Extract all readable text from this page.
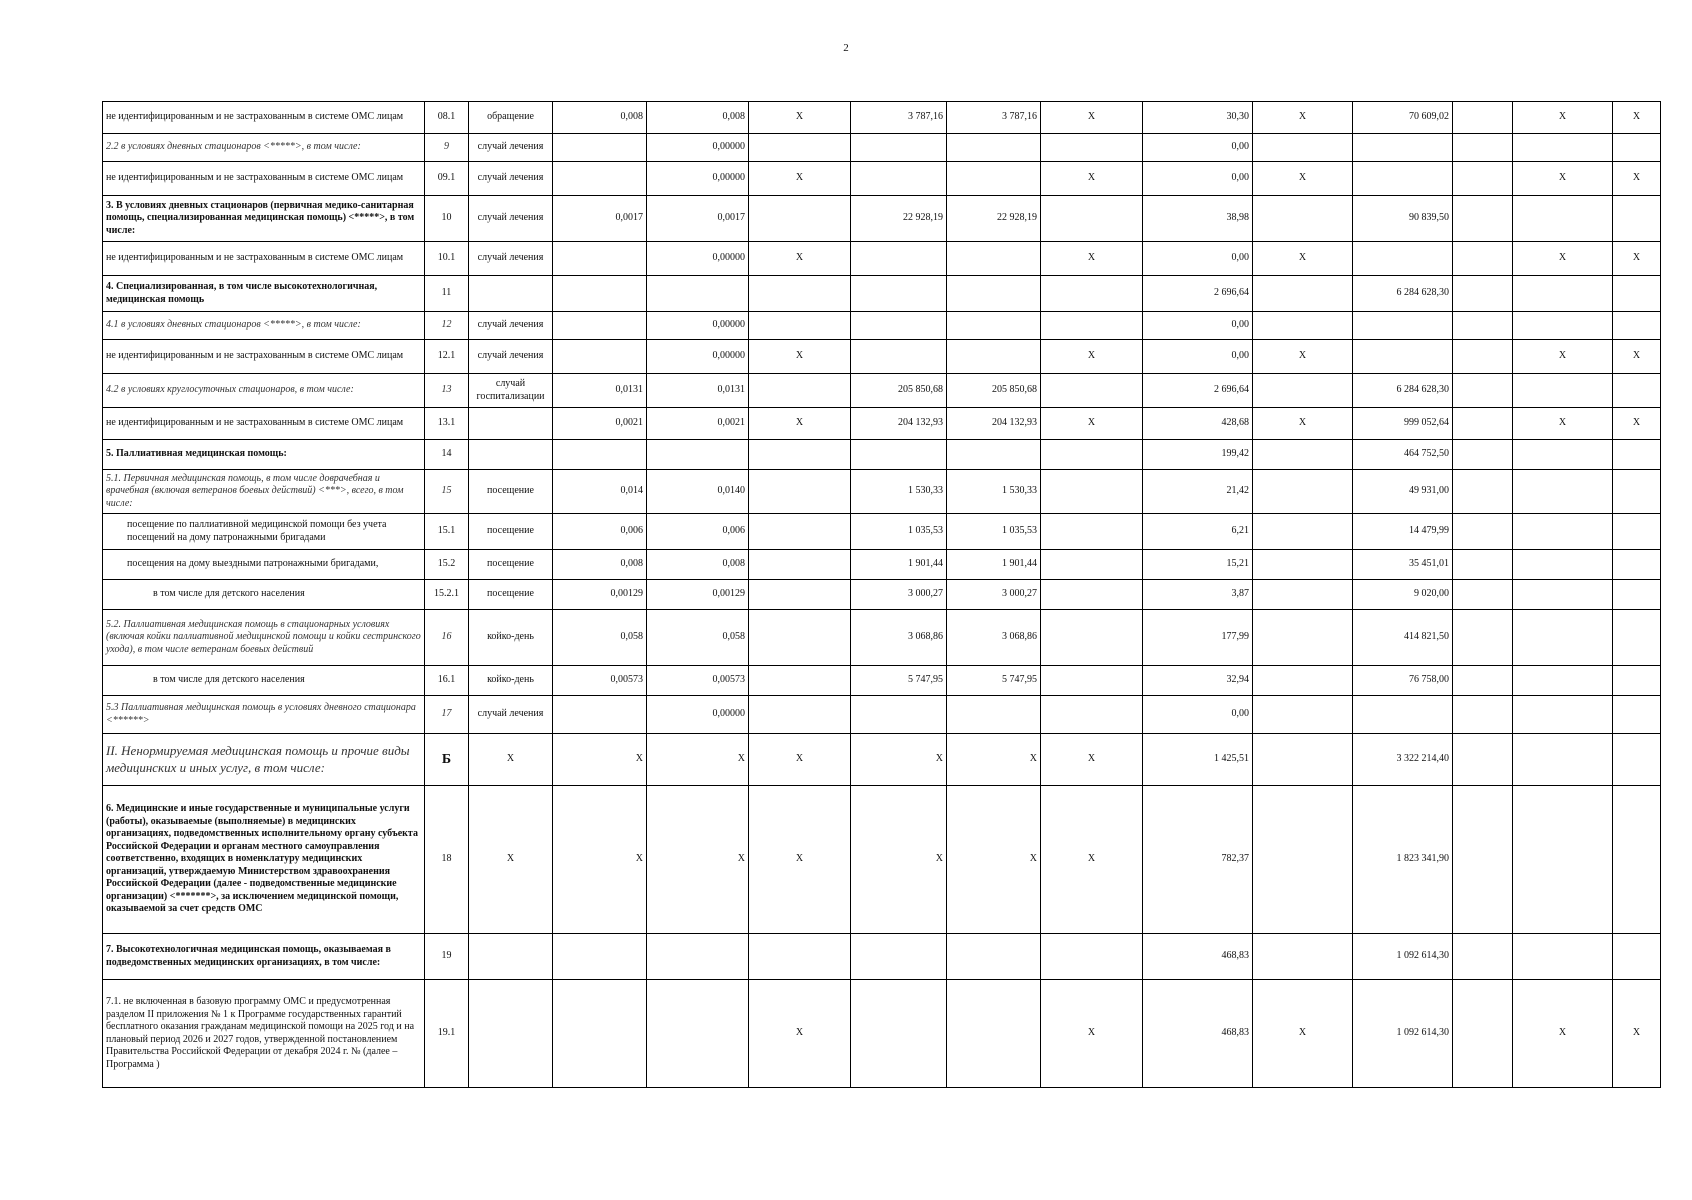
2
не идентифицированным и не застрахованным в системе ОМС лицам	08.1	обращение	0,008	0,008	Х	3 787,16	3 787,16	Х	30,30	Х	70 609,02		Х	Х
2.2 в условиях дневных стационаров <*****>, в том числе:	9	случай лечения		0,00000					0,00					
не идентифицированным и не застрахованным в системе ОМС лицам	09.1	случай лечения		0,00000	Х			Х	0,00	Х			Х	Х
3. В условиях дневных стационаров (первичная медико-санитарная помощь, специализированная медицинская помощь) <*****>, в том числе:	10	случай лечения	0,0017	0,0017		22 928,19	22 928,19		38,98		90 839,50			
не идентифицированным и не застрахованным в системе ОМС лицам	10.1	случай лечения		0,00000	Х			Х	0,00	Х			Х	Х
4. Специализированная, в том числе высокотехнологичная, медицинская помощь	11								2 696,64		6 284 628,30			
4.1 в условиях дневных стационаров <*****>, в том числе:	12	случай лечения		0,00000					0,00					
не идентифицированным и не застрахованным в системе ОМС лицам	12.1	случай лечения		0,00000	Х			Х	0,00	Х			Х	Х
4.2 в условиях круглосуточных стационаров, в том числе:	13	случай госпитализации	0,0131	0,0131		205 850,68	205 850,68		2 696,64		6 284 628,30			
не идентифицированным и не застрахованным в системе ОМС лицам	13.1		0,0021	0,0021	Х	204 132,93	204 132,93	Х	428,68	Х	999 052,64		Х	Х
5. Паллиативная медицинская помощь:	14								199,42		464 752,50			
5.1. Первичная медицинская помощь, в том числе доврачебная и врачебная (включая ветеранов боевых действий) <***>, всего, в том числе:	15	посещение	0,014	0,0140		1 530,33	1 530,33		21,42		49 931,00			
посещение по паллиативной медицинской помощи без учета посещений на дому патронажными бригадами	15.1	посещение	0,006	0,006		1 035,53	1 035,53		6,21		14 479,99			
посещения на дому выездными патронажными бригадами,	15.2	посещение	0,008	0,008		1 901,44	1 901,44		15,21		35 451,01			
в том числе для детского населения	15.2.1	посещение	0,00129	0,00129		3 000,27	3 000,27		3,87		9 020,00			
5.2. Паллиативная медицинская помощь в стационарных условиях (включая койки паллиативной медицинской помощи и койки сестринского ухода), в том числе ветеранам боевых действий	16	койко-день	0,058	0,058		3 068,86	3 068,86		177,99		414 821,50			
в том числе для детского населения	16.1	койко-день	0,00573	0,00573		5 747,95	5 747,95		32,94		76 758,00			
5.3 Паллиативная медицинская помощь в условиях дневного стационара <******>	17	случай лечения		0,00000					0,00					
II. Ненормируемая медицинская помощь и прочие виды медицинских и иных услуг, в том числе:	Б	Х	Х	Х	Х	Х	Х	Х	1 425,51		3 322 214,40			
6. Медицинские и иные государственные и муниципальные услуги (работы), оказываемые (выполняемые) в медицинских организациях, подведомственных исполнительному органу субъекта Российской Федерации и органам местного самоуправления соответственно, входящих в номенклатуру медицинских организаций, утверждаемую Министерством здравоохранения Российской Федерации (далее - подведомственные медицинские организации) <*******>, за исключением медицинской помощи, оказываемой за счет средств ОМС	18	Х	Х	Х	Х	Х	Х	Х	782,37		1 823 341,90			
7. Высокотехнологичная медицинская помощь, оказываемая в подведомственных медицинских организациях, в том числе:	19								468,83		1 092 614,30			
7.1. не включенная в базовую программу ОМС и предусмотренная разделом II приложения № 1 к Программе государственных гарантий бесплатного оказания гражданам медицинской помощи на 2025 год и на плановый период 2026 и 2027 годов, утвержденной постановлением Правительства Российской Федерации от декабря 2024 г. № (далее – Программа )	19.1				Х			Х	468,83	Х	1 092 614,30		Х	Х
